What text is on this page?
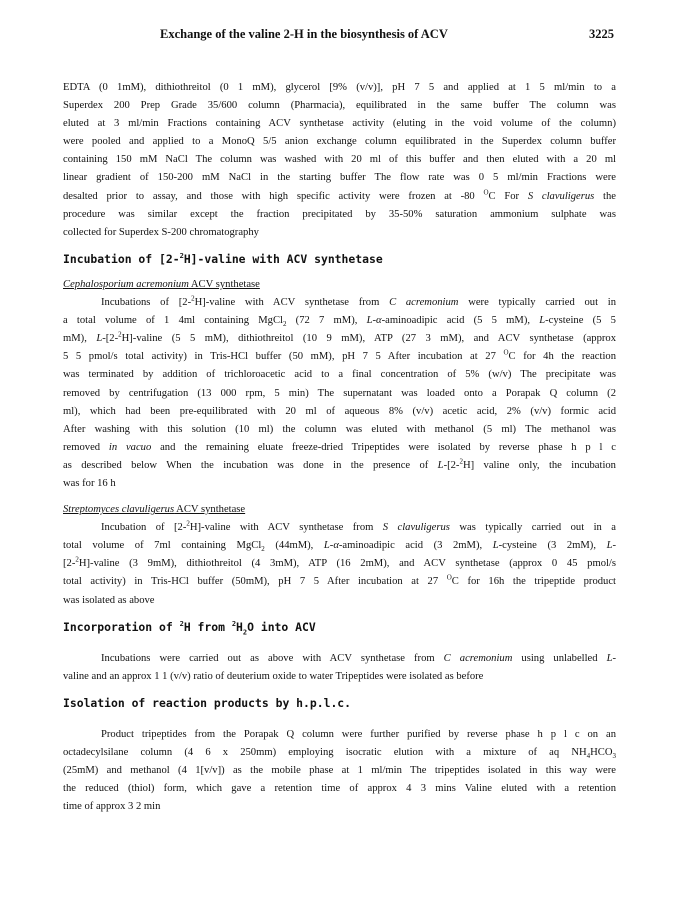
Exchange of the valine 2-H in the biosynthesis of ACV	3225
EDTA (0 1mM), dithiothreitol (0 1 mM), glycerol [9% (v/v)], pH 7 5 and applied at 1 5 ml/min to a
Superdex 200 Prep Grade 35/600 column (Pharmacia), equilibrated in the same buffer The column was
eluted at 3 ml/min Fractions containing ACV synthetase activity (eluting in the void volume of the column)
were pooled and applied to a MonoQ 5/5 anion exchange column equilibrated in the Superdex column buffer
containing 150 mM NaCl The column was washed with 20 ml of this buffer and then eluted with a 20 ml
linear gradient of 150-200 mM NaCl in the starting buffer The flow rate was 0 5 ml/min Fractions were
desalted prior to assay, and those with high specific activity were frozen at -80 $^O$C For S clavuligerus the
procedure was similar except the fraction precipitated by 35-50% saturation ammonium sulphate was
collected for Superdex S-200 chromatography
Incubation of [2-$^2$H]-valine with ACV synthetase
Cephalosporium acremonium ACV synthetase
Incubations of [2-$^2$H]-valine with ACV synthetase from C acremonium were typically carried out in
a total volume of 1 4ml containing MgCl$_2$ (72 7 mM), L-α-aminoadipic acid (5 5 mM), L-cysteine (5 5
mM), L-[2-$^2$H]-valine (5 5 mM), dithiothreitol (10 9 mM), ATP (27 3 mM), and ACV synthetase (approx
5 5 pmol/s total activity) in Tris-HCl buffer (50 mM), pH 7 5 After incubation at 27 $^O$C for 4h the reaction
was terminated by addition of trichloroacetic acid to a final concentration of 5% (w/v) The precipitate was
removed by centrifugation (13 000 rpm, 5 min) The supernatant was loaded onto a Porapak Q column (2
ml), which had been pre-equilibrated with 20 ml of aqueous 8% (v/v) acetic acid, 2% (v/v) formic acid
After washing with this solution (10 ml) the column was eluted with methanol (5 ml) The methanol was
removed in vacuo and the remaining eluate freeze-dried Tripeptides were isolated by reverse phase h p l c
as described below When the incubation was done in the presence of L-[2-$^2$H] valine only, the incubation
was for 16 h
Streptomyces clavuligerus ACV synthetase
Incubation of [2-$^2$H]-valine with ACV synthetase from S clavuligerus was typically carried out in a
total volume of 7ml containing MgCl$_2$ (44mM), L-α-aminoadipic acid (3 2mM), L-cysteine (3 2mM), L-
[2-$^2$H]-valine (3 9mM), dithiothreitol (4 3mM), ATP (16 2mM), and ACV synthetase (approx 0 45 pmol/s
total activity) in Tris-HCl buffer (50mM), pH 7 5 After incubation at 27 $^O$C for 16h the tripeptide product
was isolated as above
Incorporation of $^2$H from $^2H_2O$ into ACV
Incubations were carried out as above with ACV synthetase from C acremonium using unlabelled L-
valine and an approx 1 1 (v/v) ratio of deuterium oxide to water Tripeptides were isolated as before
Isolation of reaction products by h.p.l.c.
Product tripeptides from the Porapak Q column were further purified by reverse phase h p l c on an
octadecylsilane column (4 6 x 250mm) employing isocratic elution with a mixture of aq $NH_4HCO_3$
(25mM) and methanol (4 1[v/v]) as the mobile phase at 1 ml/min The tripeptides isolated in this way were
the reduced (thiol) form, which gave a retention time of approx 4 3 mins Valine eluted with a retention
time of approx 3 2 min
